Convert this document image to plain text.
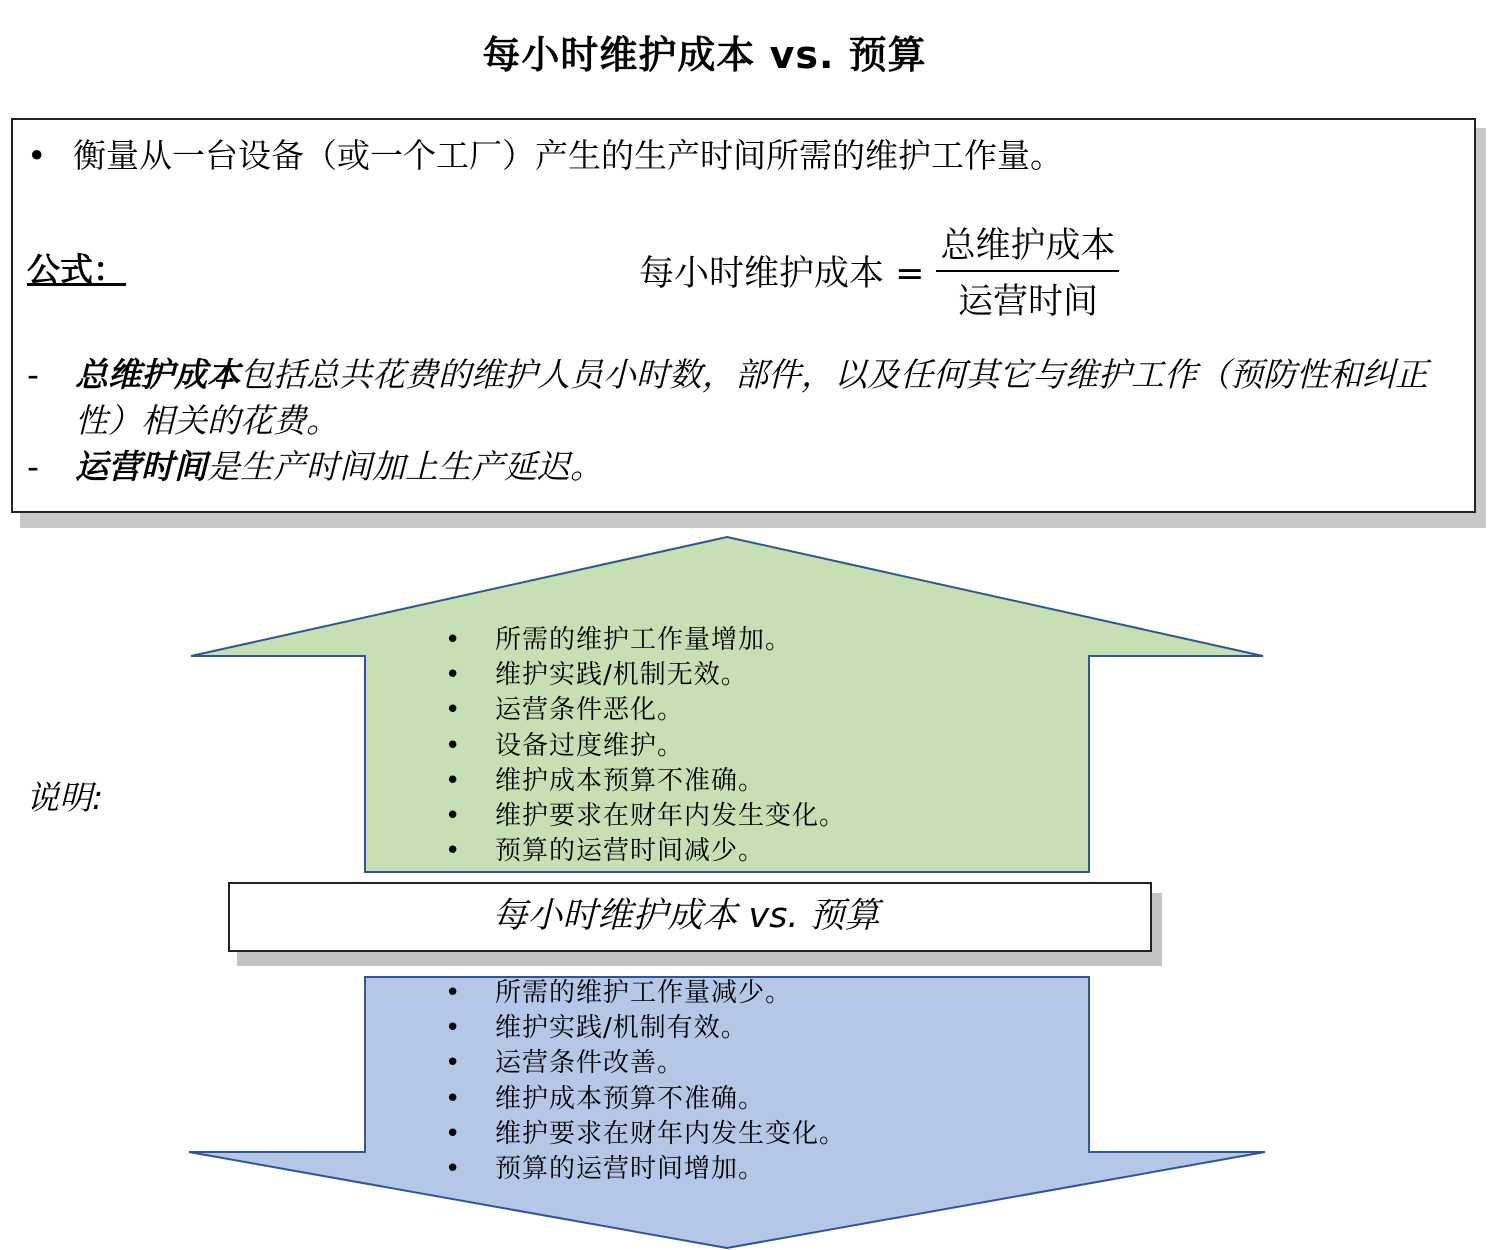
每小时维护成本 vs. 预算
• 衡量从一台设备（或一个工厂）产生的生产时间所需的维护工作量。
公式：	每小时维护成本 = $\frac{\text{总维护成本}}{\text{运营时间}}$
-	总维护成本包括总共花费的维护人员小时数，部件，以及任何其它与维护工作（预防性和纠正性）相关的花费。
-	运营时间是生产时间加上生产延迟。
•	所需的维护工作量增加。
•	维护实践/机制无效。
•	运营条件恶化。
•	设备过度维护。
•	维护成本预算不准确。
•	维护要求在财年内发生变化。
•	预算的运营时间减少。
•	所需的维护工作量减少。
•	维护实践/机制有效。
•	运营条件改善。
•	维护成本预算不准确。
•	维护要求在财年内发生变化。
•	预算的运营时间增加。
说明:
每小时维护成本 vs. 预算
